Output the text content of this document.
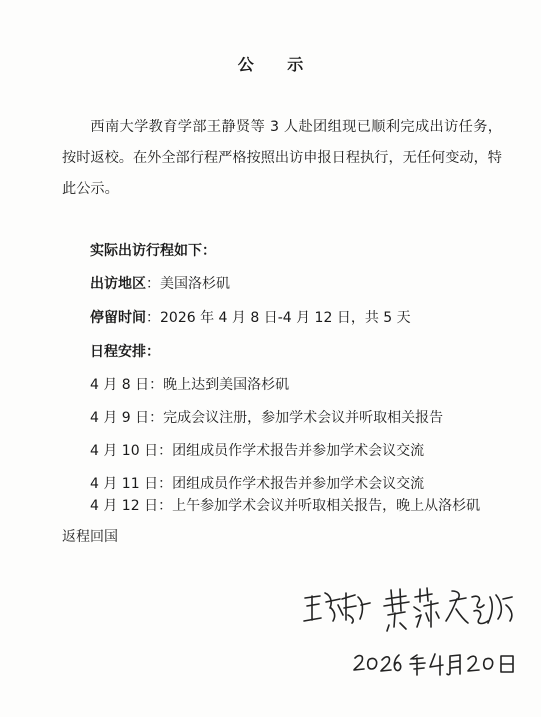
公 示
西南大学教育学部王静贤等 3 人赴团组现已顺利完成出访任务，按时返校。在外全部行程严格按照出访申报日程执行，无任何变动，特此公示。
实际出访行程如下：
出访地区：美国洛杉矶
停留时间：2026 年 4 月 8 日-4 月 12 日，共 5 天
日程安排：
4 月 8 日：晚上达到美国洛杉矶
4 月 9 日：完成会议注册，参加学术会议并听取相关报告
4 月 10 日：团组成员作学术报告并参加学术会议交流
4 月 11 日：团组成员作学术报告并参加学术会议交流
4 月 12 日：上午参加学术会议并听取相关报告，晚上从洛杉矶返程回国
